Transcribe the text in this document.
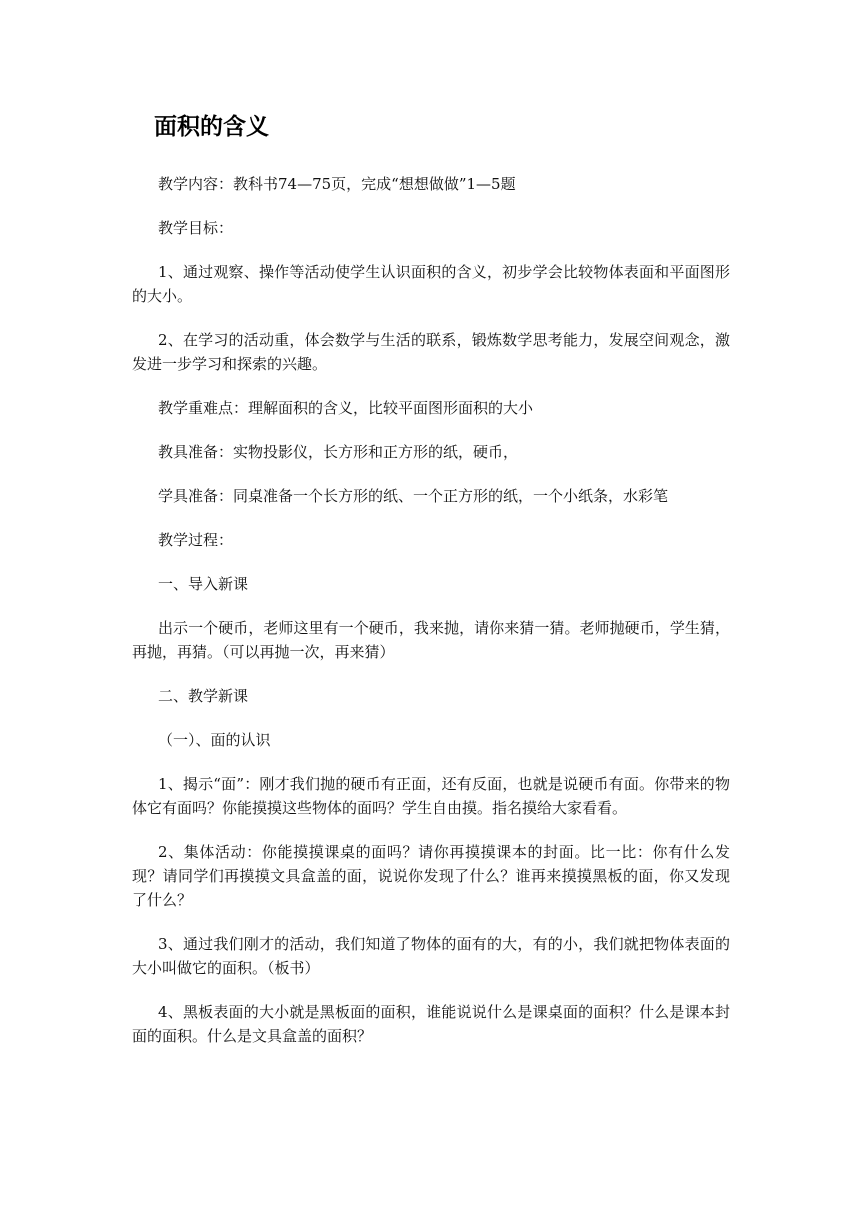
面积的含义

教学内容：教科书74—75页，完成“想想做做”1—5题

教学目标：

1、通过观察、操作等活动使学生认识面积的含义，初步学会比较物体表面和平面图形的大小。

2、在学习的活动重，体会数学与生活的联系，锻炼数学思考能力，发展空间观念，激发进一步学习和探索的兴趣。

教学重难点：理解面积的含义，比较平面图形面积的大小

教具准备：实物投影仪，长方形和正方形的纸，硬币，

学具准备：同桌准备一个长方形的纸、一个正方形的纸，一个小纸条，水彩笔

教学过程：

一、导入新课

出示一个硬币，老师这里有一个硬币，我来抛，请你来猜一猜。老师抛硬币，学生猜，再抛，再猜。（可以再抛一次，再来猜）

二、教学新课

（一）、面的认识

1、揭示“面”：刚才我们抛的硬币有正面，还有反面，也就是说硬币有面。你带来的物体它有面吗？你能摸摸这些物体的面吗？学生自由摸。指名摸给大家看看。

2、集体活动：你能摸摸课桌的面吗？请你再摸摸课本的封面。比一比：你有什么发现？请同学们再摸摸文具盒盖的面，说说你发现了什么？谁再来摸摸黑板的面，你又发现了什么？

3、通过我们刚才的活动，我们知道了物体的面有的大，有的小，我们就把物体表面的大小叫做它的面积。（板书）

4、黑板表面的大小就是黑板面的面积，谁能说说什么是课桌面的面积？什么是课本封面的面积。什么是文具盒盖的面积？
